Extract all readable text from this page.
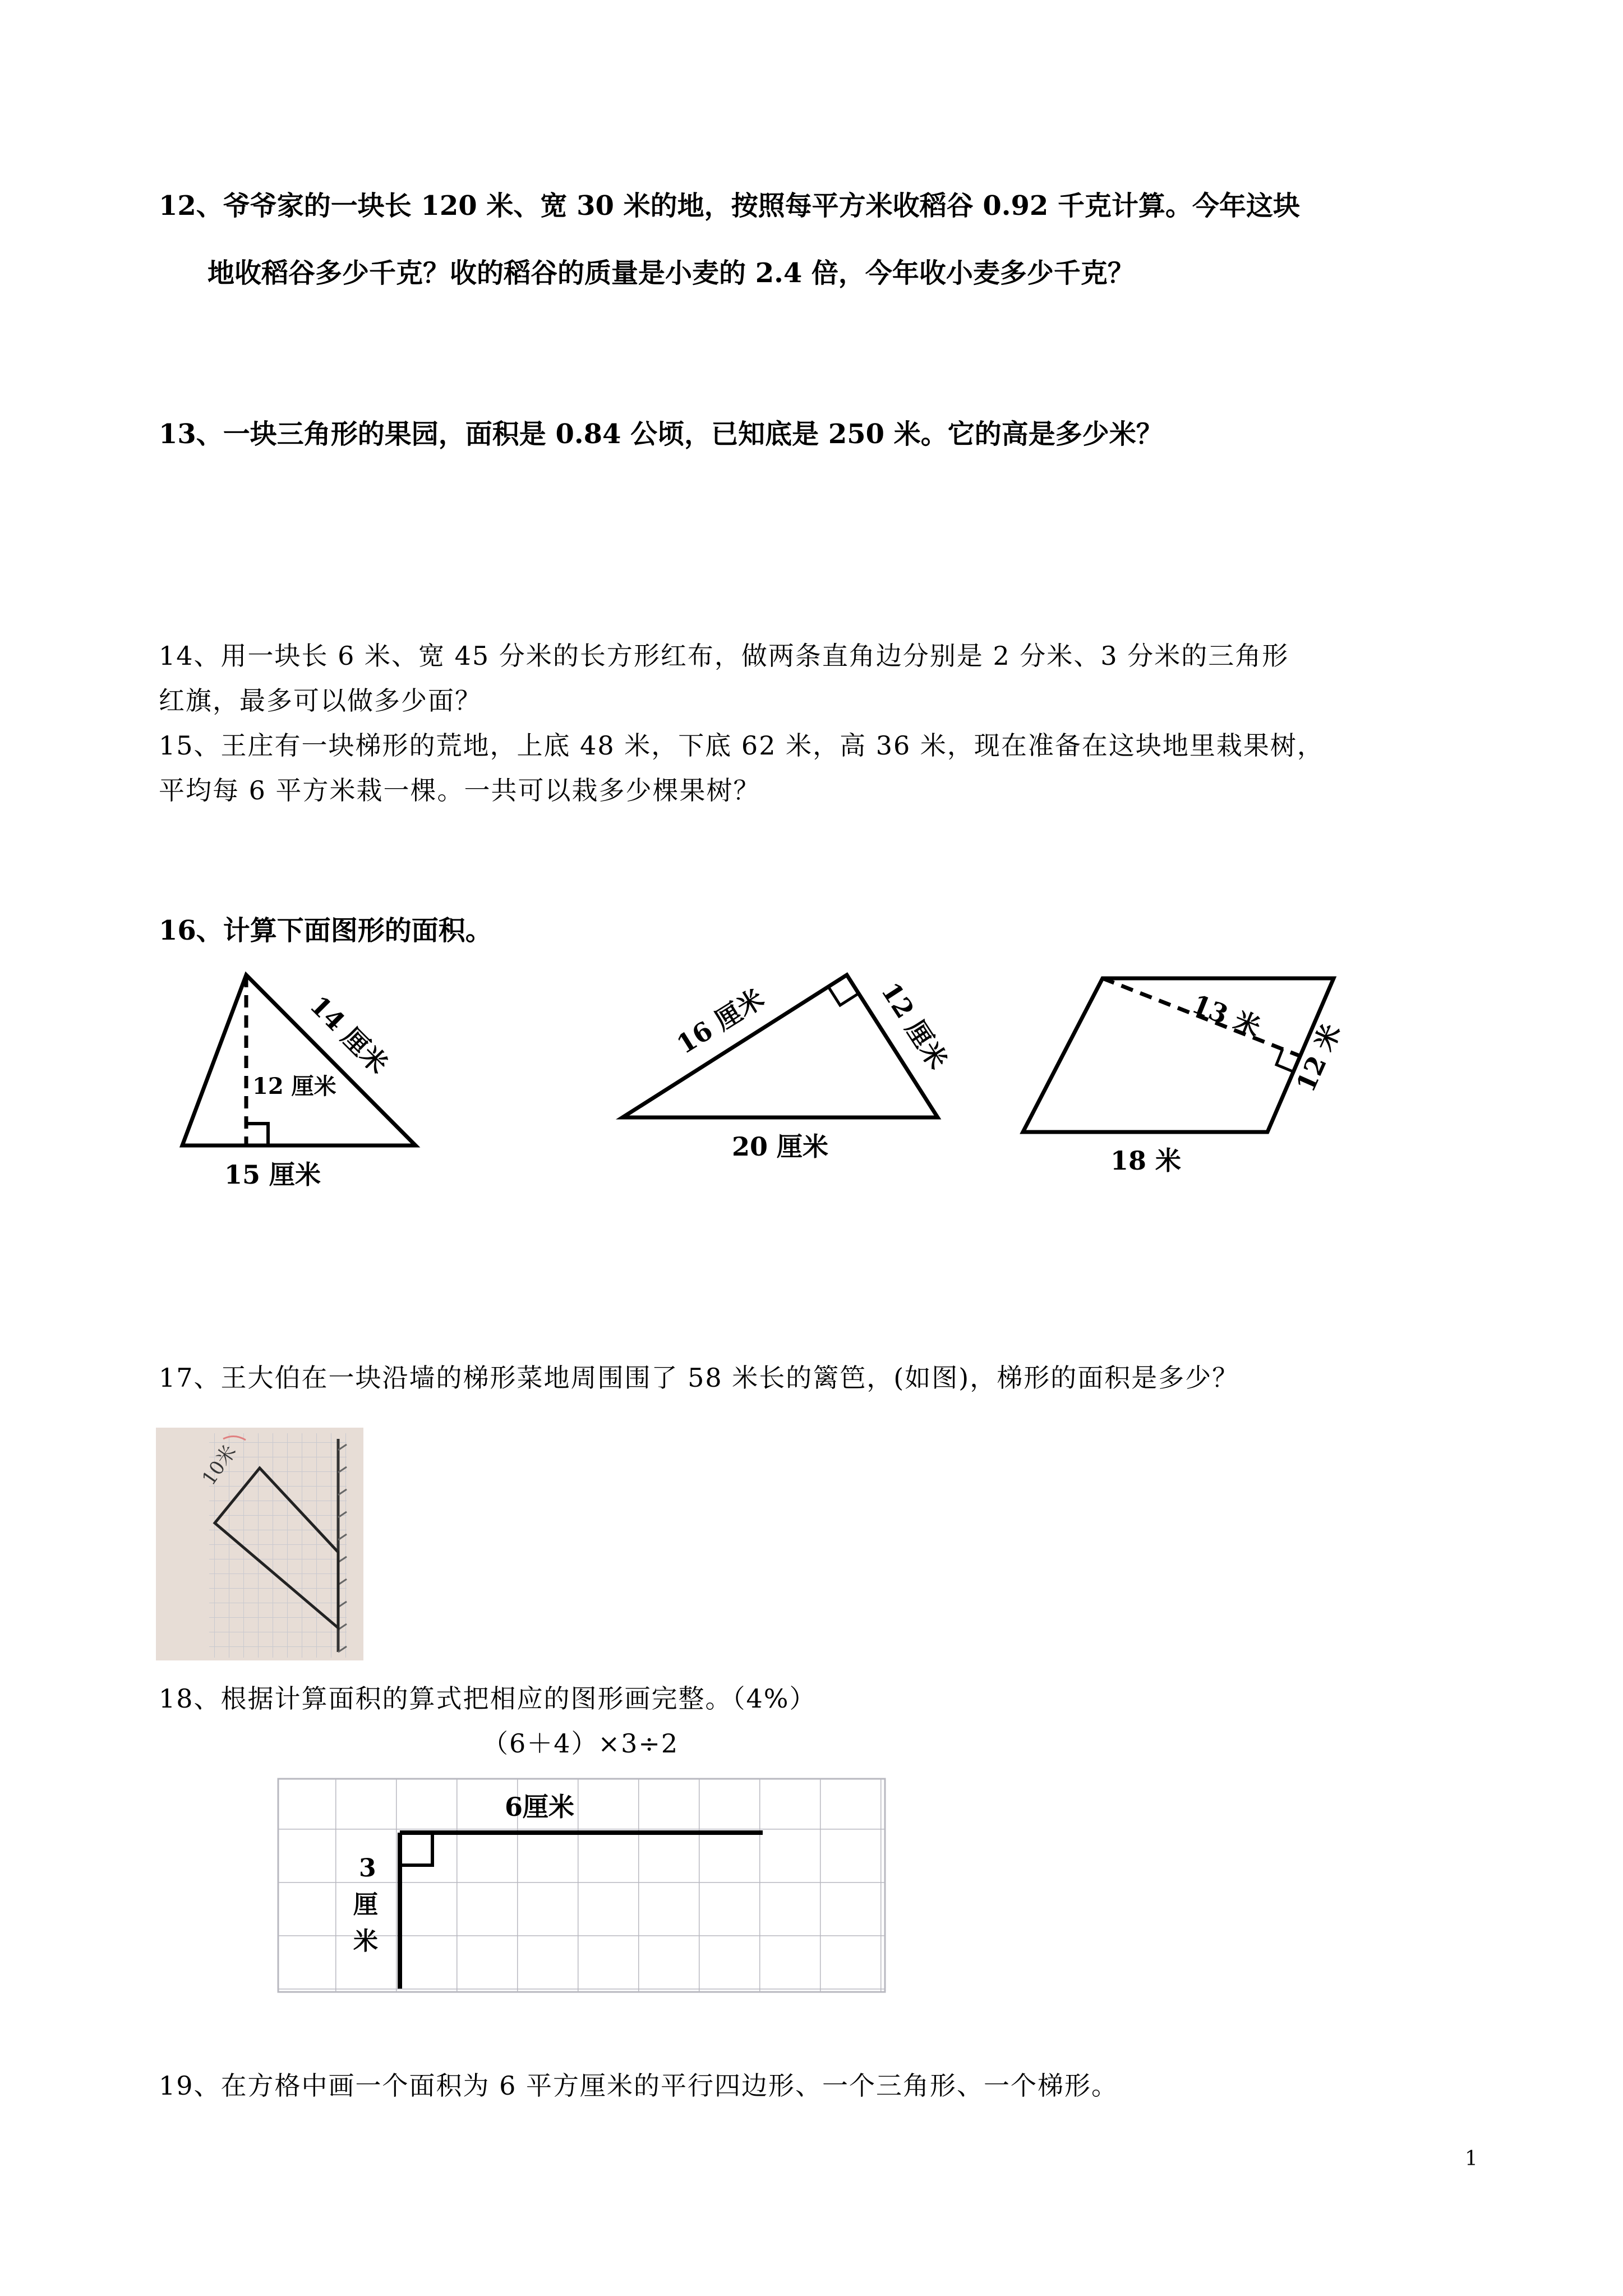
12、爷爷家的一块长 120 米、宽 30 米的地，按照每平方米收稻谷 0.92 千克计算。今年这块
地收稻谷多少千克？收的稻谷的质量是小麦的 2.4 倍，今年收小麦多少千克？
13、一块三角形的果园，面积是 0.84 公顷，已知底是 250 米。它的高是多少米？
14、用一块长 6 米、宽 45 分米的长方形红布，做两条直角边分别是 2 分米、3 分米的三角形
红旗，最多可以做多少面？
15、王庄有一块梯形的荒地，上底 48 米，下底 62 米，高 36 米，现在准备在这块地里栽果树，
平均每 6 平方米栽一棵。一共可以栽多少棵果树？
16、计算下面图形的面积。
14 厘米
12 厘米
15 厘米
16 厘米	12 厘米
20 厘米
13 米
12 米
18 米
17、王大伯在一块沿墙的梯形菜地周围围了 58 米长的篱笆，(如图)，梯形的面积是多少？
10米
18、根据计算面积的算式把相应的图形画完整。（4%）
（6＋4）×3÷2
6厘米
3
厘
米
19、在方格中画一个面积为 6 平方厘米的平行四边形、一个三角形、一个梯形。
1
